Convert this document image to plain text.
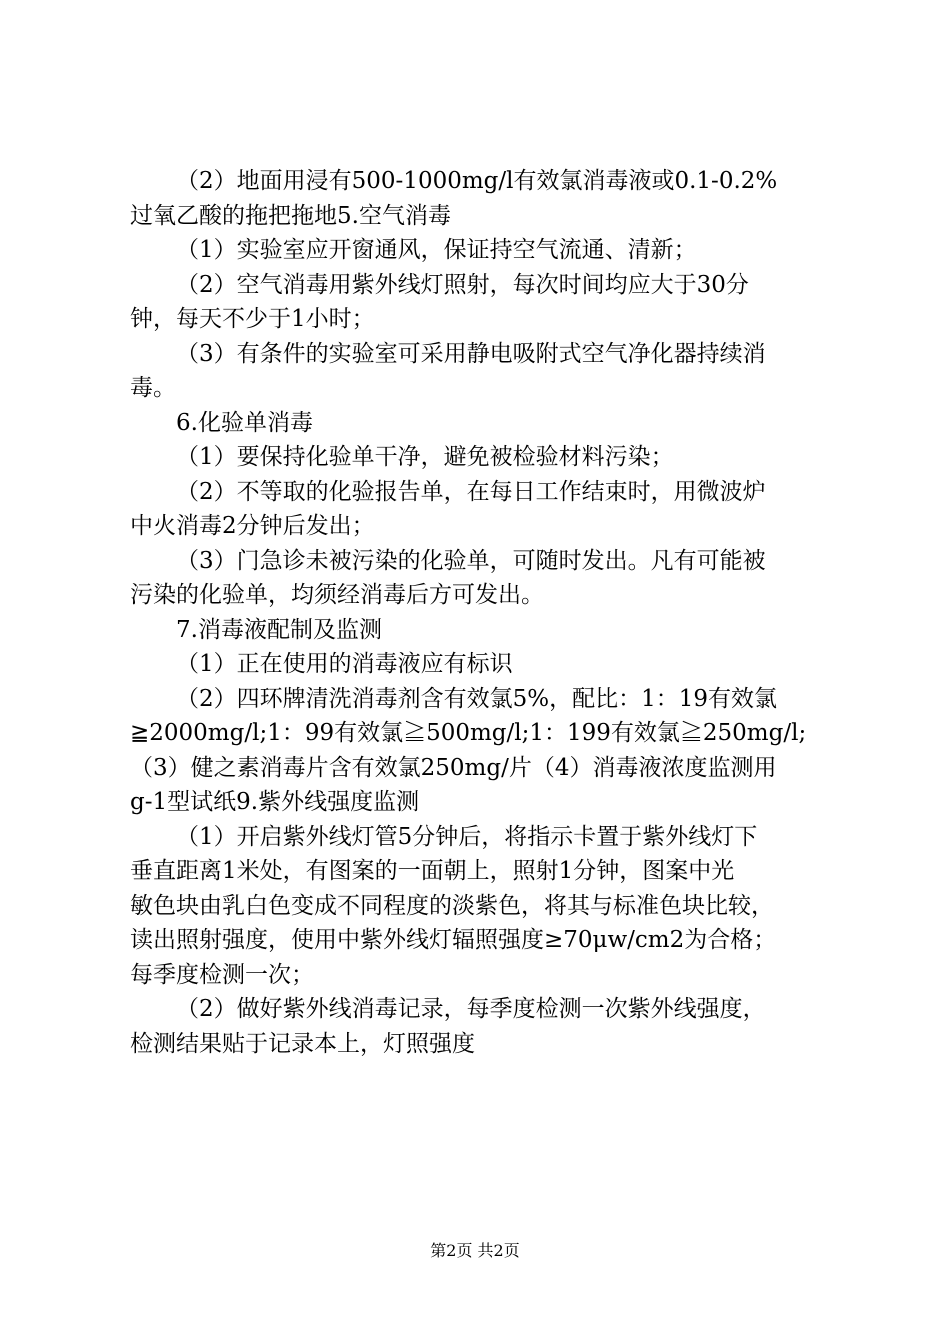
（2）地面用浸有500-1000mg/l有效氯消毒液或0.1-0.2%
过氧乙酸的拖把拖地5.空气消毒
（1）实验室应开窗通风，保证持空气流通、清新；
（2）空气消毒用紫外线灯照射，每次时间均应大于30分
钟，每天不少于1小时；
（3）有条件的实验室可采用静电吸附式空气净化器持续消
毒。
6.化验单消毒
（1）要保持化验单干净，避免被检验材料污染；
（2）不等取的化验报告单，在每日工作结束时，用微波炉
中火消毒2分钟后发出；
（3）门急诊未被污染的化验单，可随时发出。凡有可能被
污染的化验单，均须经消毒后方可发出。
7.消毒液配制及监测
（1）正在使用的消毒液应有标识
（2）四环牌清洗消毒剂含有效氯5%，配比：1：19有效氯
≧2000mg/l;1：99有效氯≧500mg/l;1：199有效氯≧250mg/l;
（3）健之素消毒片含有效氯250mg/片（4）消毒液浓度监测用
g-1型试纸9.紫外线强度监测
（1）开启紫外线灯管5分钟后，将指示卡置于紫外线灯下
垂直距离1米处，有图案的一面朝上，照射1分钟，图案中光
敏色块由乳白色变成不同程度的淡紫色，将其与标准色块比较，
读出照射强度，使用中紫外线灯辐照强度≥70μw/cm2为合格；
每季度检测一次；
（2）做好紫外线消毒记录，每季度检测一次紫外线强度，
检测结果贴于记录本上，灯照强度
第2页 共2页
